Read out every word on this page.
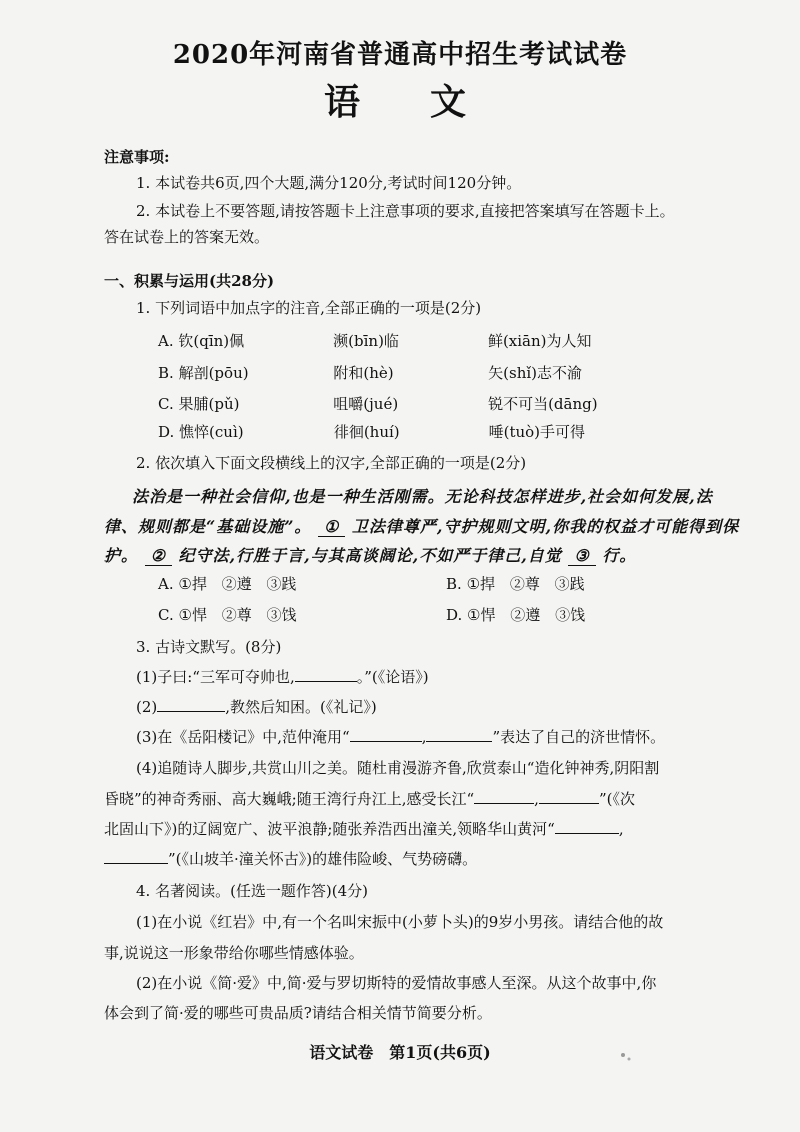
2020年河南省普通高中招生考试试卷
语文
注意事项:
1. 本试卷共6页,四个大题,满分120分,考试时间120分钟。
2. 本试卷上不要答题,请按答题卡上注意事项的要求,直接把答案填写在答题卡上。
答在试卷上的答案无效。
一、积累与运用(共28分)
1. 下列词语中加点字的注音,全部正确的一项是(2分)
A. 钦(qīn)佩	濒(bīn)临	鲜(xiān)为人知
B. 解剖(pōu)	附和(hè)	矢(shǐ)志不渝
C. 果脯(pǔ)	咀嚼(jué)	锐不可当(dāng)
D. 憔悴(cuì)	徘徊(huí)	唾(tuò)手可得
2. 依次填入下面文段横线上的汉字,全部正确的一项是(2分)
法治是一种社会信仰,也是一种生活刚需。无论科技怎样进步,社会如何发展,法
律、规则都是“基础设施”。 ① 卫法律尊严,守护规则文明,你我的权益才可能得到保
护。 ② 纪守法,行胜于言,与其高谈阔论,不如严于律己,自觉 ③ 行。
A. ①捍 ②遵 ③践	B. ①捍 ②尊 ③践
C. ①悍 ②尊 ③饯	D. ①悍 ②遵 ③饯
3. 古诗文默写。(8分)
(1)子曰:“三军可夺帅也,	。”(《论语》)
(2)	,教然后知困。(《礼记》)
(3)在《岳阳楼记》中,范仲淹用“	,	”表达了自己的济世情怀。
(4)追随诗人脚步,共赏山川之美。随杜甫漫游齐鲁,欣赏泰山“造化钟神秀,阴阳割
昏晓”的神奇秀丽、高大巍峨;随王湾行舟江上,感受长江“	,	”(《次
北固山下》)的辽阔宽广、波平浪静;随张养浩西出潼关,领略华山黄河“	,
”(《山坡羊·潼关怀古》)的雄伟险峻、气势磅礴。
4. 名著阅读。(任选一题作答)(4分)
(1)在小说《红岩》中,有一个名叫宋振中(小萝卜头)的9岁小男孩。请结合他的故
事,说说这一形象带给你哪些情感体验。
(2)在小说《简·爱》中,简·爱与罗切斯特的爱情故事感人至深。从这个故事中,你
体会到了简·爱的哪些可贵品质?请结合相关情节简要分析。
语文试卷　第1页(共6页)
